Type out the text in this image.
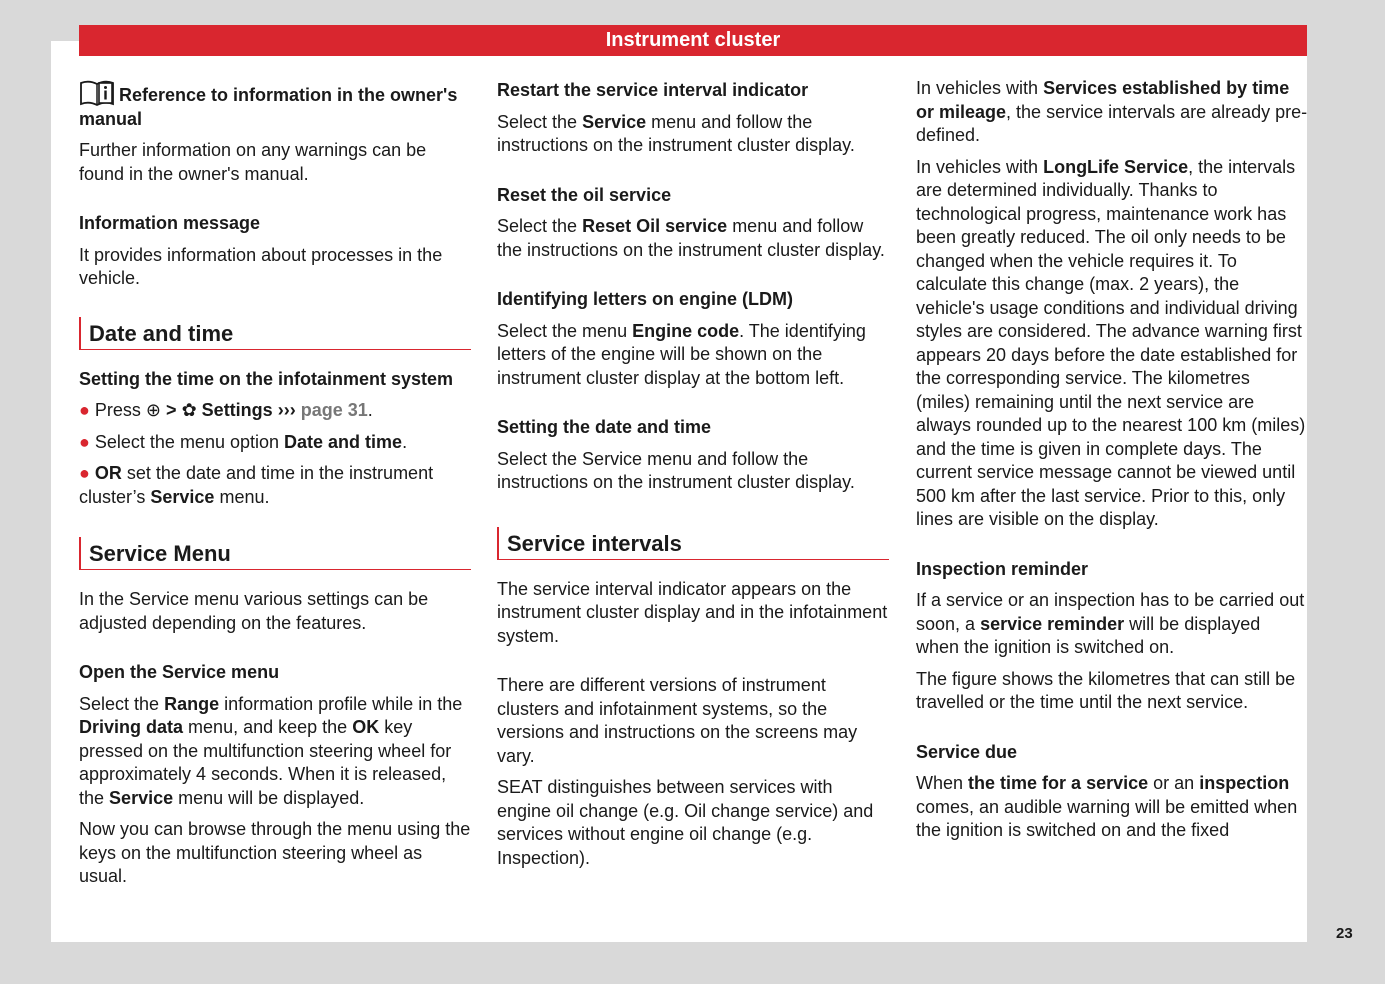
Instrument cluster
Reference to information in the owner's
manual

Further information on any warnings can be found in the owner's manual.

Information message

It provides information about processes in the vehicle.

Date and time
Setting the time on the infotainment system

● Press ⊕ > ✿ Settings ››› page 31.

● Select the menu option Date and time.

● OR set the date and time in the instrument cluster’s Service menu.

Service Menu

In the Service menu various settings can be adjusted depending on the features.

Open the Service menu

Select the Range information profile while in the Driving data menu, and keep the OK key pressed on the multifunction steering wheel for approximately 4 seconds. When it is released, the Service menu will be displayed.

Now you can browse through the menu using the keys on the multifunction steering wheel as usual.

Restart the service interval indicator

Select the Service menu and follow the instructions on the instrument cluster display.

Reset the oil service

Select the Reset Oil service menu and follow the instructions on the instrument cluster display.

Identifying letters on engine (LDM)

Select the menu Engine code. The identifying letters of the engine will be shown on the instrument cluster display at the bottom left.

Setting the date and time

Select the Service menu and follow the instructions on the instrument cluster display.

Service intervals

The service interval indicator appears on the instrument cluster display and in the infotainment system.

There are different versions of instrument clusters and infotainment systems, so the versions and instructions on the screens may vary.

SEAT distinguishes between services with engine oil change (e.g. Oil change service) and services without engine oil change (e.g. Inspection).

In vehicles with Services established by time or mileage, the service intervals are already pre-defined.

In vehicles with LongLife Service, the intervals are determined individually. Thanks to technological progress, maintenance work has been greatly reduced. The oil only needs to be changed when the vehicle requires it. To calculate this change (max. 2 years), the vehicle's usage conditions and individual driving styles are considered. The advance warning first appears 20 days before the date established for the corresponding service. The kilometres (miles) remaining until the next service are always rounded up to the nearest 100 km (miles) and the time is given in complete days. The current service message cannot be viewed until 500 km after the last service. Prior to this, only lines are visible on the display.

Inspection reminder

If a service or an inspection has to be carried out soon, a service reminder will be displayed when the ignition is switched on.

The figure shows the kilometres that can still be travelled or the time until the next service.

Service due

When the time for a service or an inspection comes, an audible warning will be emitted when the ignition is switched on and the fixed

23
